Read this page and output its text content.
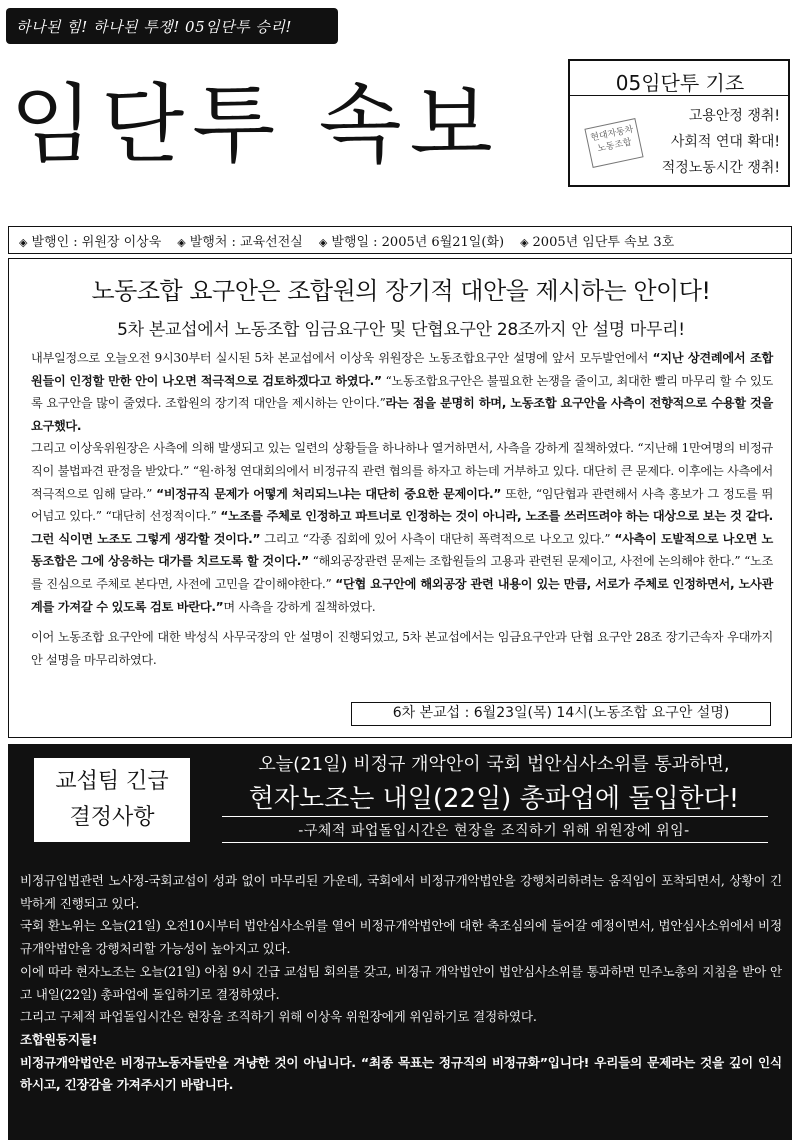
하나된 힘! 하나된 투쟁! 05임단투 승리!
임단투 속보	05임단투 기조
현대자동차 노동조합
고용안정 쟁취!
사회적 연대 확대!
적정노동시간 쟁취!
◈ 발행인 : 위원장 이상욱 ◈ 발행처 : 교육선전실 ◈ 발행일 : 2005년 6월21일(화) ◈ 2005년 임단투 속보 3호
노동조합 요구안은 조합원의 장기적 대안을 제시하는 안이다!
5차 본교섭에서 노동조합 임금요구안 및 단협요구안 28조까지 안 설명 마무리!

내부일정으로 오늘오전 9시30부터 실시된 5차 본교섭에서 이상욱 위원장은 노동조합요구안 설명에 앞서 모두발언에서 “지난 상견례에서 조합원들이 인정할 만한 안이 나오면 적극적으로 검토하겠다고 하였다.” “노동조합요구안은 불필요한 논쟁을 줄이고, 최대한 빨리 마무리 할 수 있도록 요구안을 많이 줄였다. 조합원의 장기적 대안을 제시하는 안이다.”라는 점을 분명히 하며, 노동조합 요구안을 사측이 전향적으로 수용할 것을 요구했다.

그리고 이상욱위원장은 사측에 의해 발생되고 있는 일련의 상황들을 하나하나 열거하면서, 사측을 강하게 질책하였다. “지난해 1만여명의 비정규직이 불법파견 판정을 받았다.” “원·하청 연대회의에서 비정규직 관련 협의를 하자고 하는데 거부하고 있다. 대단히 큰 문제다. 이후에는 사측에서 적극적으로 임해 달라.” “비정규직 문제가 어떻게 처리되느냐는 대단히 중요한 문제이다.” 또한, “임단협과 관련해서 사측 홍보가 그 정도를 뛰어넘고 있다.” “대단히 선정적이다.” “노조를 주체로 인정하고 파트너로 인정하는 것이 아니라, 노조를 쓰러뜨려야 하는 대상으로 보는 것 같다. 그런 식이면 노조도 그렇게 생각할 것이다.” 그리고 “각종 집회에 있어 사측이 대단히 폭력적으로 나오고 있다.” “사측이 도발적으로 나오면 노동조합은 그에 상응하는 대가를 치르도록 할 것이다.” “해외공장관련 문제는 조합원들의 고용과 관련된 문제이고, 사전에 논의해야 한다.” “노조를 진심으로 주체로 본다면, 사전에 고민을 같이해야한다.” “단협 요구안에 해외공장 관련 내용이 있는 만큼, 서로가 주체로 인정하면서, 노사관계를 가져갈 수 있도록 검토 바란다.”며 사측을 강하게 질책하였다.

이어 노동조합 요구안에 대한 박성식 사무국장의 안 설명이 진행되었고, 5차 본교섭에서는 임금요구안과 단협 요구안 28조 장기근속자 우대까지 안 설명을 마무리하였다.

6차 본교섭 : 6월23일(목) 14시(노동조합 요구안 설명)
교섭팀 긴급
결정사항
오늘(21일) 비정규 개악안이 국회 법안심사소위를 통과하면,
현자노조는 내일(22일) 총파업에 돌입한다!
-구체적 파업돌입시간은 현장을 조직하기 위해 위원장에 위임-

비정규입법관련 노사정-국회교섭이 성과 없이 마무리된 가운데, 국회에서 비정규개악법안을 강행처리하려는 움직임이 포착되면서, 상황이 긴박하게 진행되고 있다.

국회 환노위는 오늘(21일) 오전10시부터 법안심사소위를 열어 비정규개악법안에 대한 축조심의에 들어갈 예정이면서, 법안심사소위에서 비정규개악법안을 강행처리할 가능성이 높아지고 있다.

이에 따라 현자노조는 오늘(21일) 아침 9시 긴급 교섭팀 회의를 갖고, 비정규 개악법안이 법안심사소위를 통과하면 민주노총의 지침을 받아 안고 내일(22일) 총파업에 돌입하기로 결정하였다.

그리고 구체적 파업돌입시간은 현장을 조직하기 위해 이상욱 위원장에게 위임하기로 결정하였다.

조합원동지들!

비정규개악법안은 비정규노동자들만을 겨냥한 것이 아닙니다. “최종 목표는 정규직의 비정규화”입니다! 우리들의 문제라는 것을 깊이 인식하시고, 긴장감을 가져주시기 바랍니다.
